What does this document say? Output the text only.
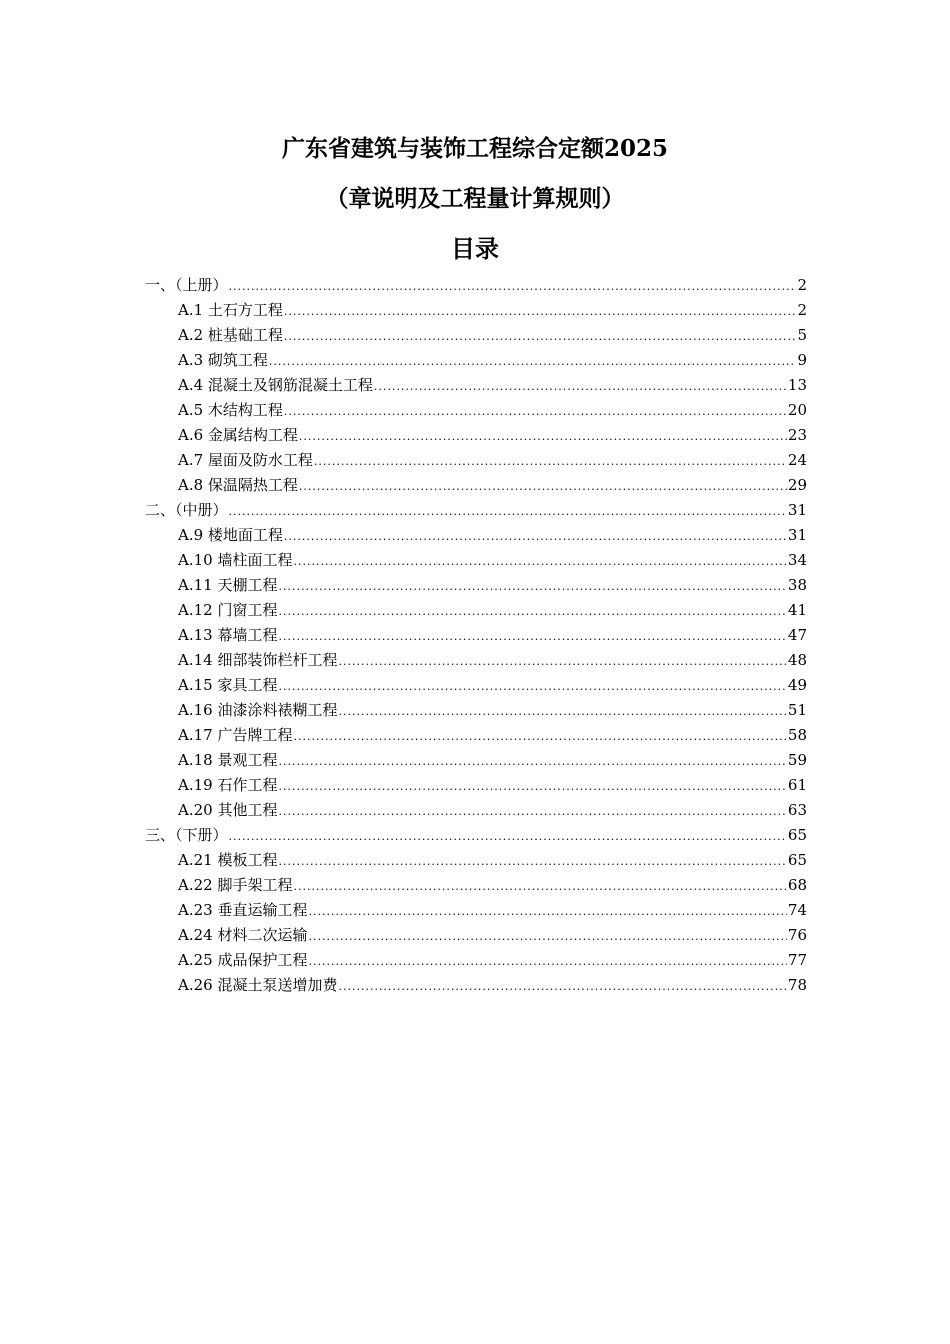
广东省建筑与装饰工程综合定额2025
（章说明及工程量计算规则）
目录
一、（上册） .....	2
A.1 土石方工程 .....	2
A.2 桩基础工程 .....	5
A.3 砌筑工程 .....	9
A.4 混凝土及钢筋混凝土工程 .....	13
A.5 木结构工程 .....	20
A.6 金属结构工程 .....	23
A.7 屋面及防水工程 .....	24
A.8 保温隔热工程 .....	29
二、（中册） .....	31
A.9 楼地面工程 .....	31
A.10 墙柱面工程 .....	34
A.11 天棚工程 .....	38
A.12 门窗工程 .....	41
A.13 幕墙工程 .....	47
A.14 细部装饰栏杆工程 .....	48
A.15 家具工程 .....	49
A.16 油漆涂料裱糊工程 .....	51
A.17 广告牌工程 .....	58
A.18 景观工程 .....	59
A.19 石作工程 .....	61
A.20 其他工程 .....	63
三、（下册） .....	65
A.21 模板工程 .....	65
A.22 脚手架工程 .....	68
A.23 垂直运输工程 .....	74
A.24 材料二次运输 .....	76
A.25 成品保护工程 .....	77
A.26 混凝土泵送增加费 .....	78
